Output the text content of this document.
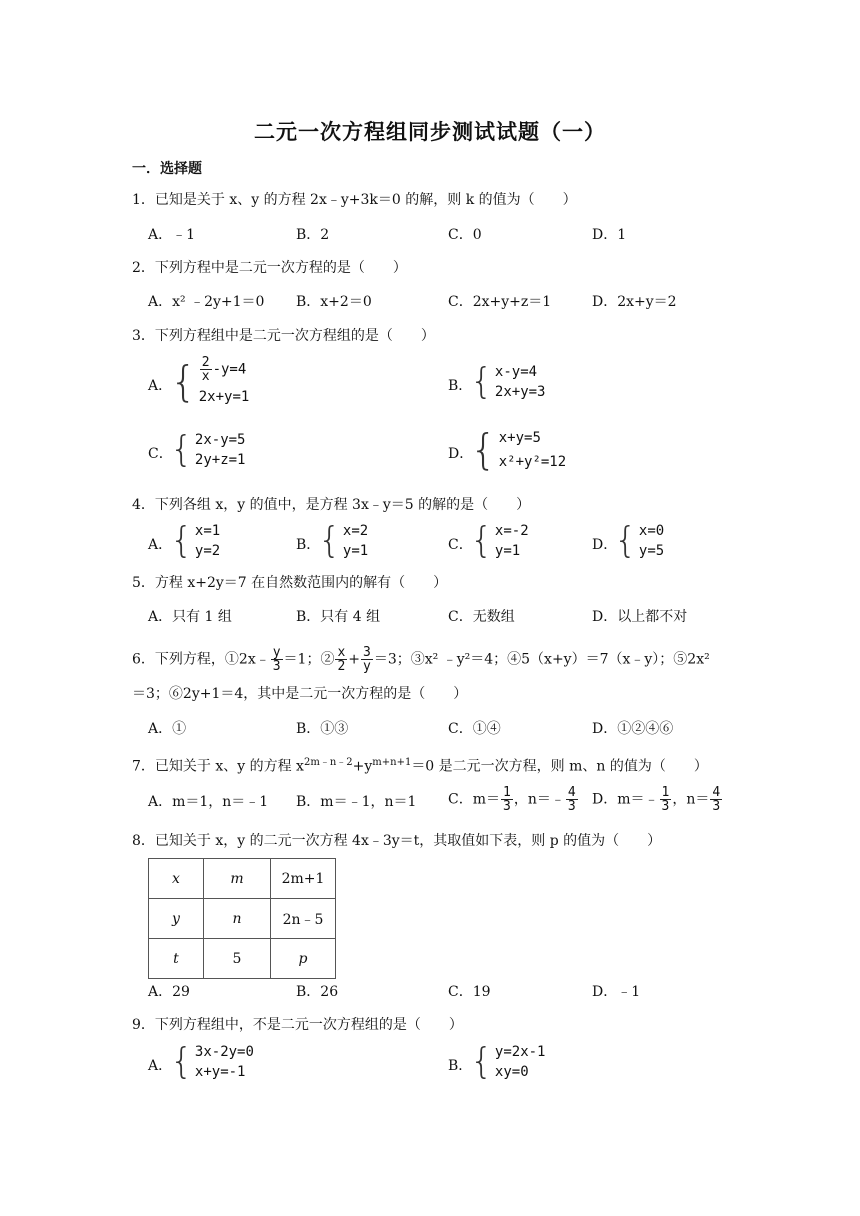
二元一次方程组同步测试试题（一）
一．选择题
1．已知是关于 x、y 的方程 2x﹣y+3k＝0 的解，则 k 的值为（　　）
A．﹣1	B．2	C．0	D．1
2．下列方程中是二元一次方程的是（　　）
A．x² ﹣2y+1＝0 B．x+2＝0	C．2x+y+z＝1	D．2x+y＝2
3．下列方程组中是二元一次方程组的是（　　）
A．
{ $\frac{2}{x} -y=4$
2x+y=1
B．
{ x-y=4
2x+y=3
C．
{ 2x-y=5
2y+z=1	D．
{ x+y=5
x²+y²=12
4．下列各组 x，y 的值中，是方程 3x﹣y＝5 的解的是（　　）
A．
{ x=1
y=2	B．
{ x=2
y=1	C．
{ x=-2
y=1	D．
{ x=0
y=5
5．方程 x+2y＝7 在自然数范围内的解有（　　）
A．只有 1 组	B．只有 4 组	C．无数组	D．以上都不对
6．下列方程，①2x﹣ $\frac{y}{3} =1$；② $\frac{x}{2} + \frac{3}{y} =3$；③x² ﹣y²＝4；④5（x+y）＝7（x﹣y）；⑤2x²
＝3；⑥2y+1＝4，其中是二元一次方程的是（　　）
A．①	B．①③	C．①④	D．①②④⑥
7．已知关于 x、y 的方程 $x^{2m﹣n﹣2}+y^{m+n+1}=0$ 是二元一次方程，则 m、n 的值为（　　）
A．m＝1，n＝﹣1 B．m＝﹣1，n＝1 C．$m= \frac{1}{3}$ ，n＝﹣ $\frac{4}{3}$ D．m＝﹣ $\frac{1}{3}$ ，$n= \frac{4}{3}$
8．已知关于 x，y 的二元一次方程 4x﹣3y＝t，其取值如下表，则 p 的值为（　　）
x	m	2m+1
y	n	2n﹣5
t	5	p
A．29	B．26	C．19	D．﹣1
9．下列方程组中，不是二元一次方程组的是（　　）
A．
{ 3x-2y=0
x+y=-1	B．
{ y=2x-1
xy=0
